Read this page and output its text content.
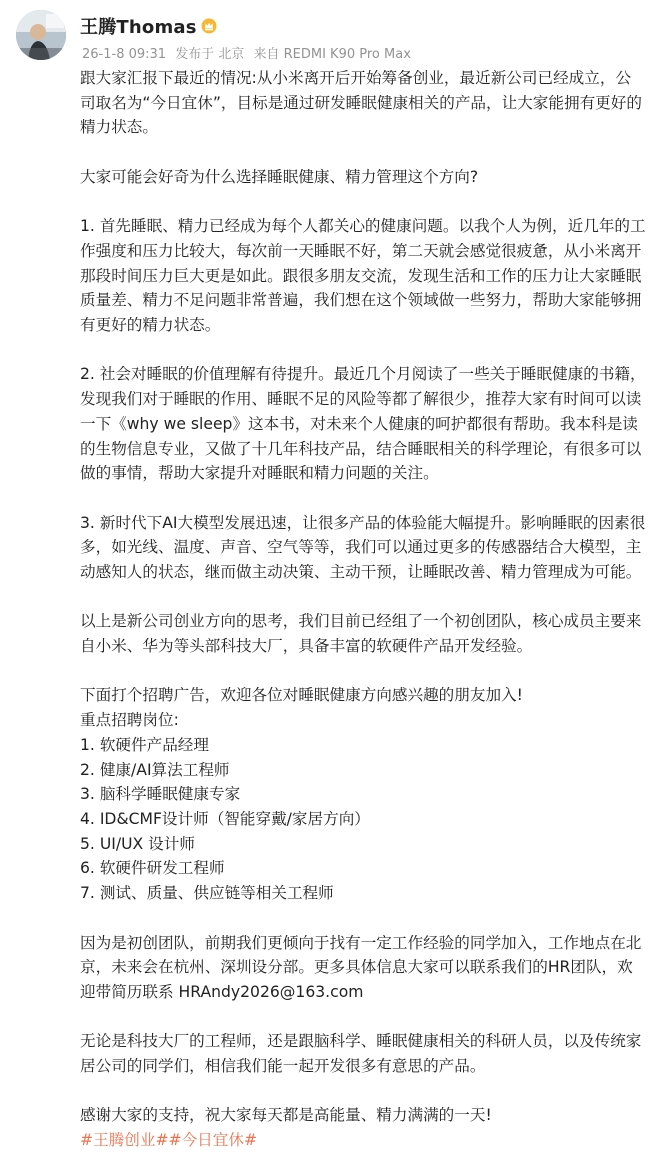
王腾Thomas
26-1-8 09:31 发布于 北京 来自 REDMI K90 Pro Max

跟大家汇报下最近的情况:从小米离开后开始筹备创业，最近新公司已经成立，公司取名为“今日宜休”，目标是通过研发睡眠健康相关的产品，让大家能拥有更好的精力状态。

大家可能会好奇为什么选择睡眠健康、精力管理这个方向?

1. 首先睡眠、精力已经成为每个人都关心的健康问题。以我个人为例，近几年的工作强度和压力比较大，每次前一天睡眠不好，第二天就会感觉很疲惫，从小米离开那段时间压力巨大更是如此。跟很多朋友交流，发现生活和工作的压力让大家睡眠质量差、精力不足问题非常普遍，我们想在这个领域做一些努力，帮助大家能够拥有更好的精力状态。

2. 社会对睡眠的价值理解有待提升。最近几个月阅读了一些关于睡眠健康的书籍，发现我们对于睡眠的作用、睡眠不足的风险等都了解很少，推荐大家有时间可以读一下《why we sleep》这本书，对未来个人健康的呵护都很有帮助。我本科是读的生物信息专业，又做了十几年科技产品，结合睡眠相关的科学理论，有很多可以做的事情，帮助大家提升对睡眠和精力问题的关注。

3. 新时代下AI大模型发展迅速，让很多产品的体验能大幅提升。影响睡眠的因素很多，如光线、温度、声音、空气等等，我们可以通过更多的传感器结合大模型，主动感知人的状态，继而做主动决策、主动干预，让睡眠改善、精力管理成为可能。

以上是新公司创业方向的思考，我们目前已经组了一个初创团队，核心成员主要来自小米、华为等头部科技大厂，具备丰富的软硬件产品开发经验。

下面打个招聘广告，欢迎各位对睡眠健康方向感兴趣的朋友加入!

重点招聘岗位:

1. 软硬件产品经理

2. 健康/AI算法工程师

3. 脑科学睡眠健康专家

4. ID&CMF设计师（智能穿戴/家居方向）

5. UI/UX 设计师

6. 软硬件研发工程师

7. 测试、质量、供应链等相关工程师

因为是初创团队，前期我们更倾向于找有一定工作经验的同学加入，工作地点在北京，未来会在杭州、深圳设分部。更多具体信息大家可以联系我们的HR团队，欢迎带简历联系 HRAndy2026@163.com

无论是科技大厂的工程师，还是跟脑科学、睡眠健康相关的科研人员，以及传统家居公司的同学们，相信我们能一起开发很多有意思的产品。

感谢大家的支持，祝大家每天都是高能量、精力满满的一天!

#王腾创业##今日宜休#
